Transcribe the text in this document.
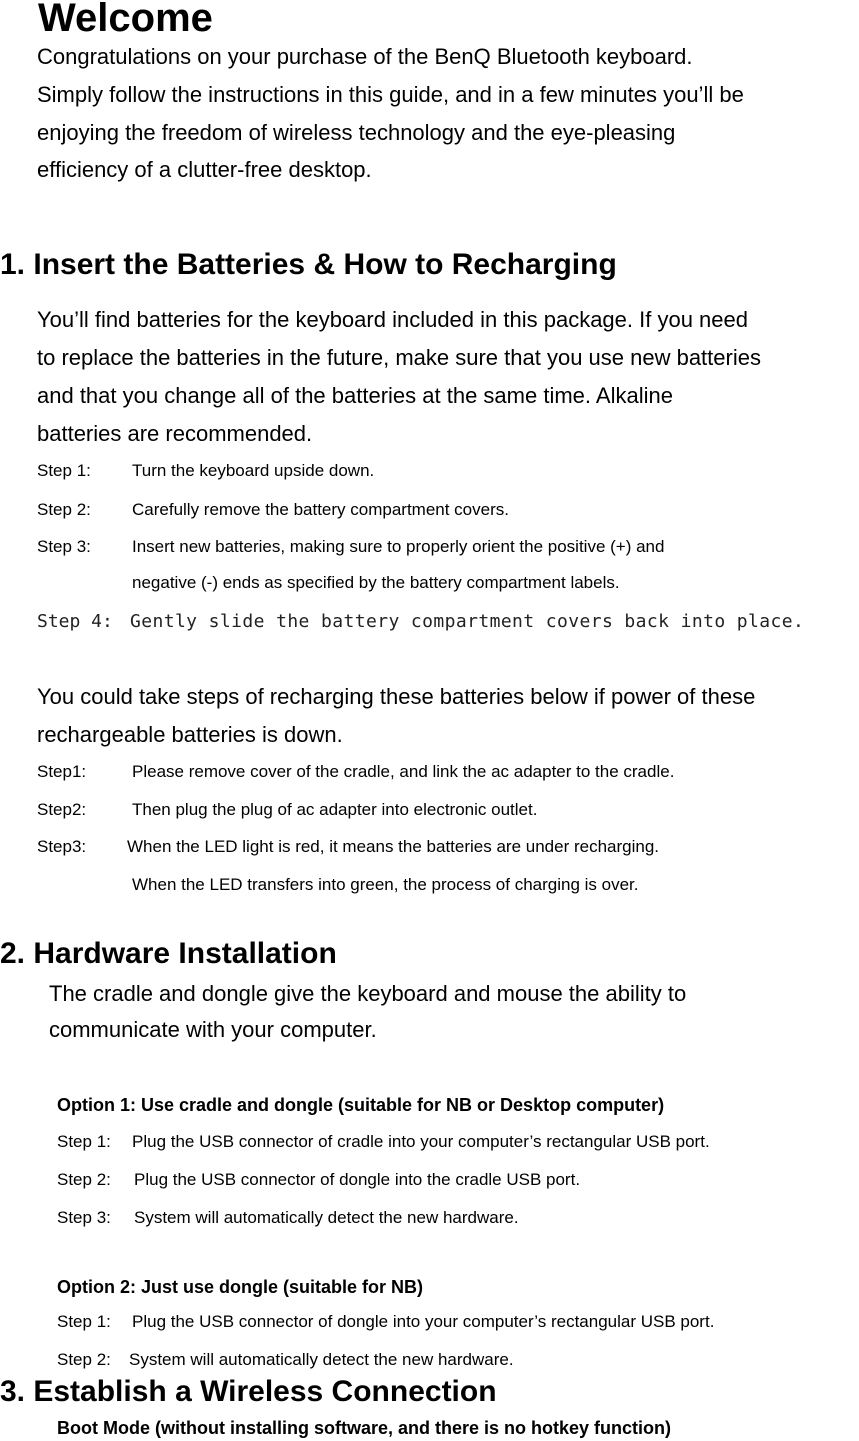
Welcome
Congratulations on your purchase of the BenQ Bluetooth keyboard.
Simply follow the instructions in this guide, and in a few minutes you’ll be
enjoying the freedom of wireless technology and the eye-pleasing
efficiency of a clutter-free desktop.
1. Insert the Batteries & How to Recharging
You’ll find batteries for the keyboard included in this package. If you need
to replace the batteries in the future, make sure that you use new batteries
and that you change all of the batteries at the same time. Alkaline
batteries are recommended.
Step 1: Turn the keyboard upside down.
Step 2: Carefully remove the battery compartment covers.
Step 3: Insert new batteries, making sure to properly orient the positive (+) and
negative (-) ends as specified by the battery compartment labels.
Step 4: Gently slide the battery compartment covers back into place.
You could take steps of recharging these batteries below if power of these
rechargeable batteries is down.
Step1:	Please remove cover of the cradle, and link the ac adapter to the cradle.
Step2:	Then plug the plug of ac adapter into electronic outlet.
Step3: When the LED light is red, it means the batteries are under recharging.
When the LED transfers into green, the process of charging is over.
2. Hardware Installation
The cradle and dongle give the keyboard and mouse the ability to
communicate with your computer.
Option 1: Use cradle and dongle (suitable for NB or Desktop computer)
Step 1: Plug the USB connector of cradle into your computer’s rectangular USB port.
Step 2: Plug the USB connector of dongle into the cradle USB port.
Step 3: System will automatically detect the new hardware.
Option 2: Just use dongle (suitable for NB)
Step 1: Plug the USB connector of dongle into your computer’s rectangular USB port.
Step 2: System will automatically detect the new hardware.
3. Establish a Wireless Connection
Boot Mode (without installing software, and there is no hotkey function)
